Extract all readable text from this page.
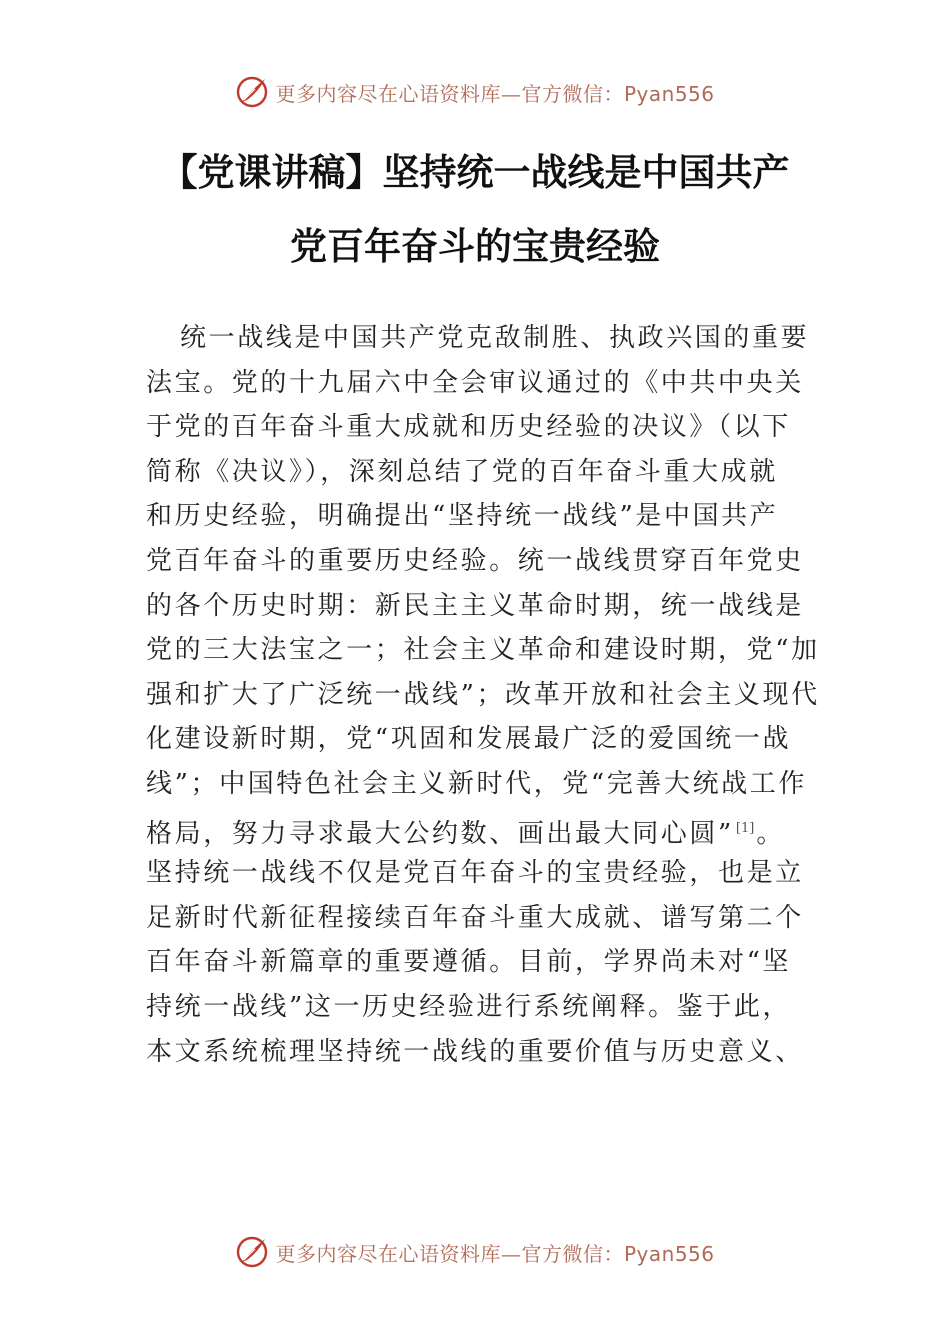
更多内容尽在心语资料库—官方微信：Pyan556
【党课讲稿】坚持统一战线是中国共产
党百年奋斗的宝贵经验
统一战线是中国共产党克敌制胜、执政兴国的重要
法宝。党的十九届六中全会审议通过的《中共中央关
于党的百年奋斗重大成就和历史经验的决议》（以下
简称《决议》），深刻总结了党的百年奋斗重大成就
和历史经验，明确提出“坚持统一战线”是中国共产
党百年奋斗的重要历史经验。统一战线贯穿百年党史
的各个历史时期：新民主主义革命时期，统一战线是
党的三大法宝之一；社会主义革命和建设时期，党“加
强和扩大了广泛统一战线”；改革开放和社会主义现代
化建设新时期，党“巩固和发展最广泛的爱国统一战
线”；中国特色社会主义新时代，党“完善大统战工作
格局，努力寻求最大公约数、画出最大同心圆” [1]。
坚持统一战线不仅是党百年奋斗的宝贵经验，也是立
足新时代新征程接续百年奋斗重大成就、谱写第二个
百年奋斗新篇章的重要遵循。目前，学界尚未对“坚
持统一战线”这一历史经验进行系统阐释。鉴于此，
本文系统梳理坚持统一战线的重要价值与历史意义、
更多内容尽在心语资料库—官方微信：Pyan556
